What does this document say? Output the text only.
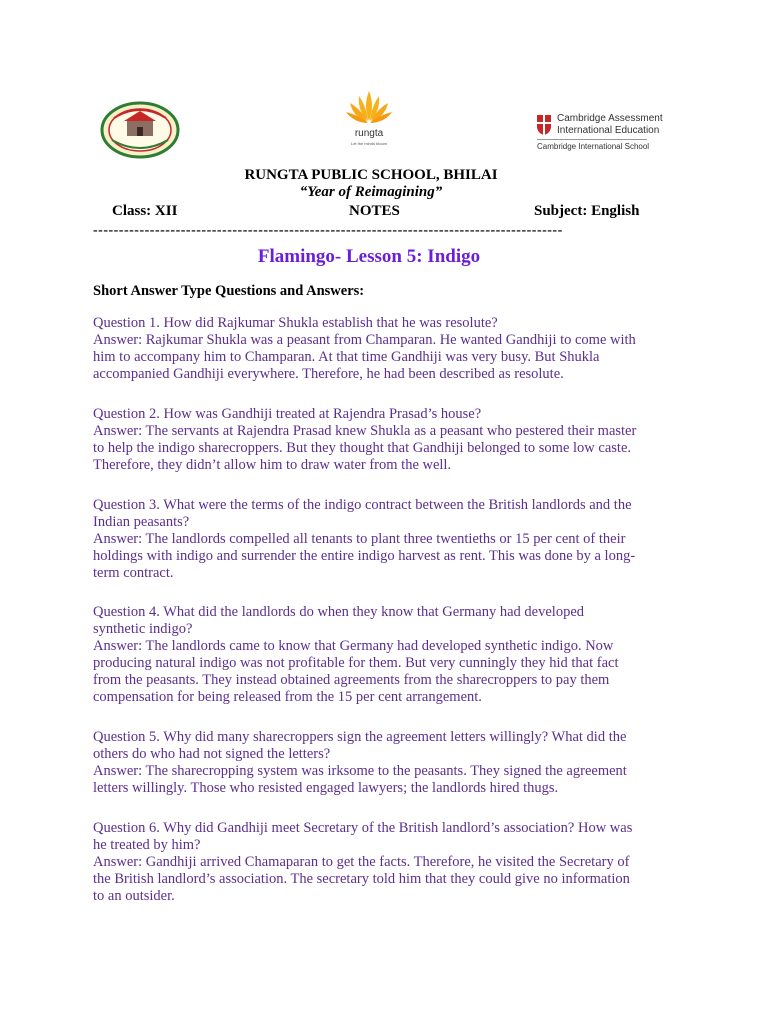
rungta
Let the minds bloom
Cambridge Assessment
International Education
Cambridge International School
RUNGTA PUBLIC SCHOOL, BHILAI
“Year of Reimagining”
Class: XII	NOTES	Subject: English
-------------------------------------------------------------------------------------------
Flamingo- Lesson 5: Indigo
Short Answer Type Questions and Answers:
Question 1. How did Rajkumar Shukla establish that he was resolute?
Answer: Rajkumar Shukla was a peasant from Champaran. He wanted Gandhiji to come with
him to accompany him to Champaran. At that time Gandhiji was very busy. But Shukla
accompanied Gandhiji everywhere. Therefore, he had been described as resolute.
Question 2. How was Gandhiji treated at Rajendra Prasad’s house?
Answer: The servants at Rajendra Prasad knew Shukla as a peasant who pestered their master
to help the indigo sharecroppers. But they thought that Gandhiji belonged to some low caste.
Therefore, they didn’t allow him to draw water from the well.
Question 3. What were the terms of the indigo contract between the British landlords and the
Indian peasants?
Answer: The landlords compelled all tenants to plant three twentieths or 15 per cent of their
holdings with indigo and surrender the entire indigo harvest as rent. This was done by a long-
term contract.
Question 4. What did the landlords do when they know that Germany had developed
synthetic indigo?
Answer: The landlords came to know that Germany had developed synthetic indigo. Now
producing natural indigo was not profitable for them. But very cunningly they hid that fact
from the peasants. They instead obtained agreements from the sharecroppers to pay them
compensation for being released from the 15 per cent arrangement.
Question 5. Why did many sharecroppers sign the agreement letters willingly? What did the
others do who had not signed the letters?
Answer: The sharecropping system was irksome to the peasants. They signed the agreement
letters willingly. Those who resisted engaged lawyers; the landlords hired thugs.
Question 6. Why did Gandhiji meet Secretary of the British landlord’s association? How was
he treated by him?
Answer: Gandhiji arrived Chamaparan to get the facts. Therefore, he visited the Secretary of
the British landlord’s association. The secretary told him that they could give no information
to an outsider.
